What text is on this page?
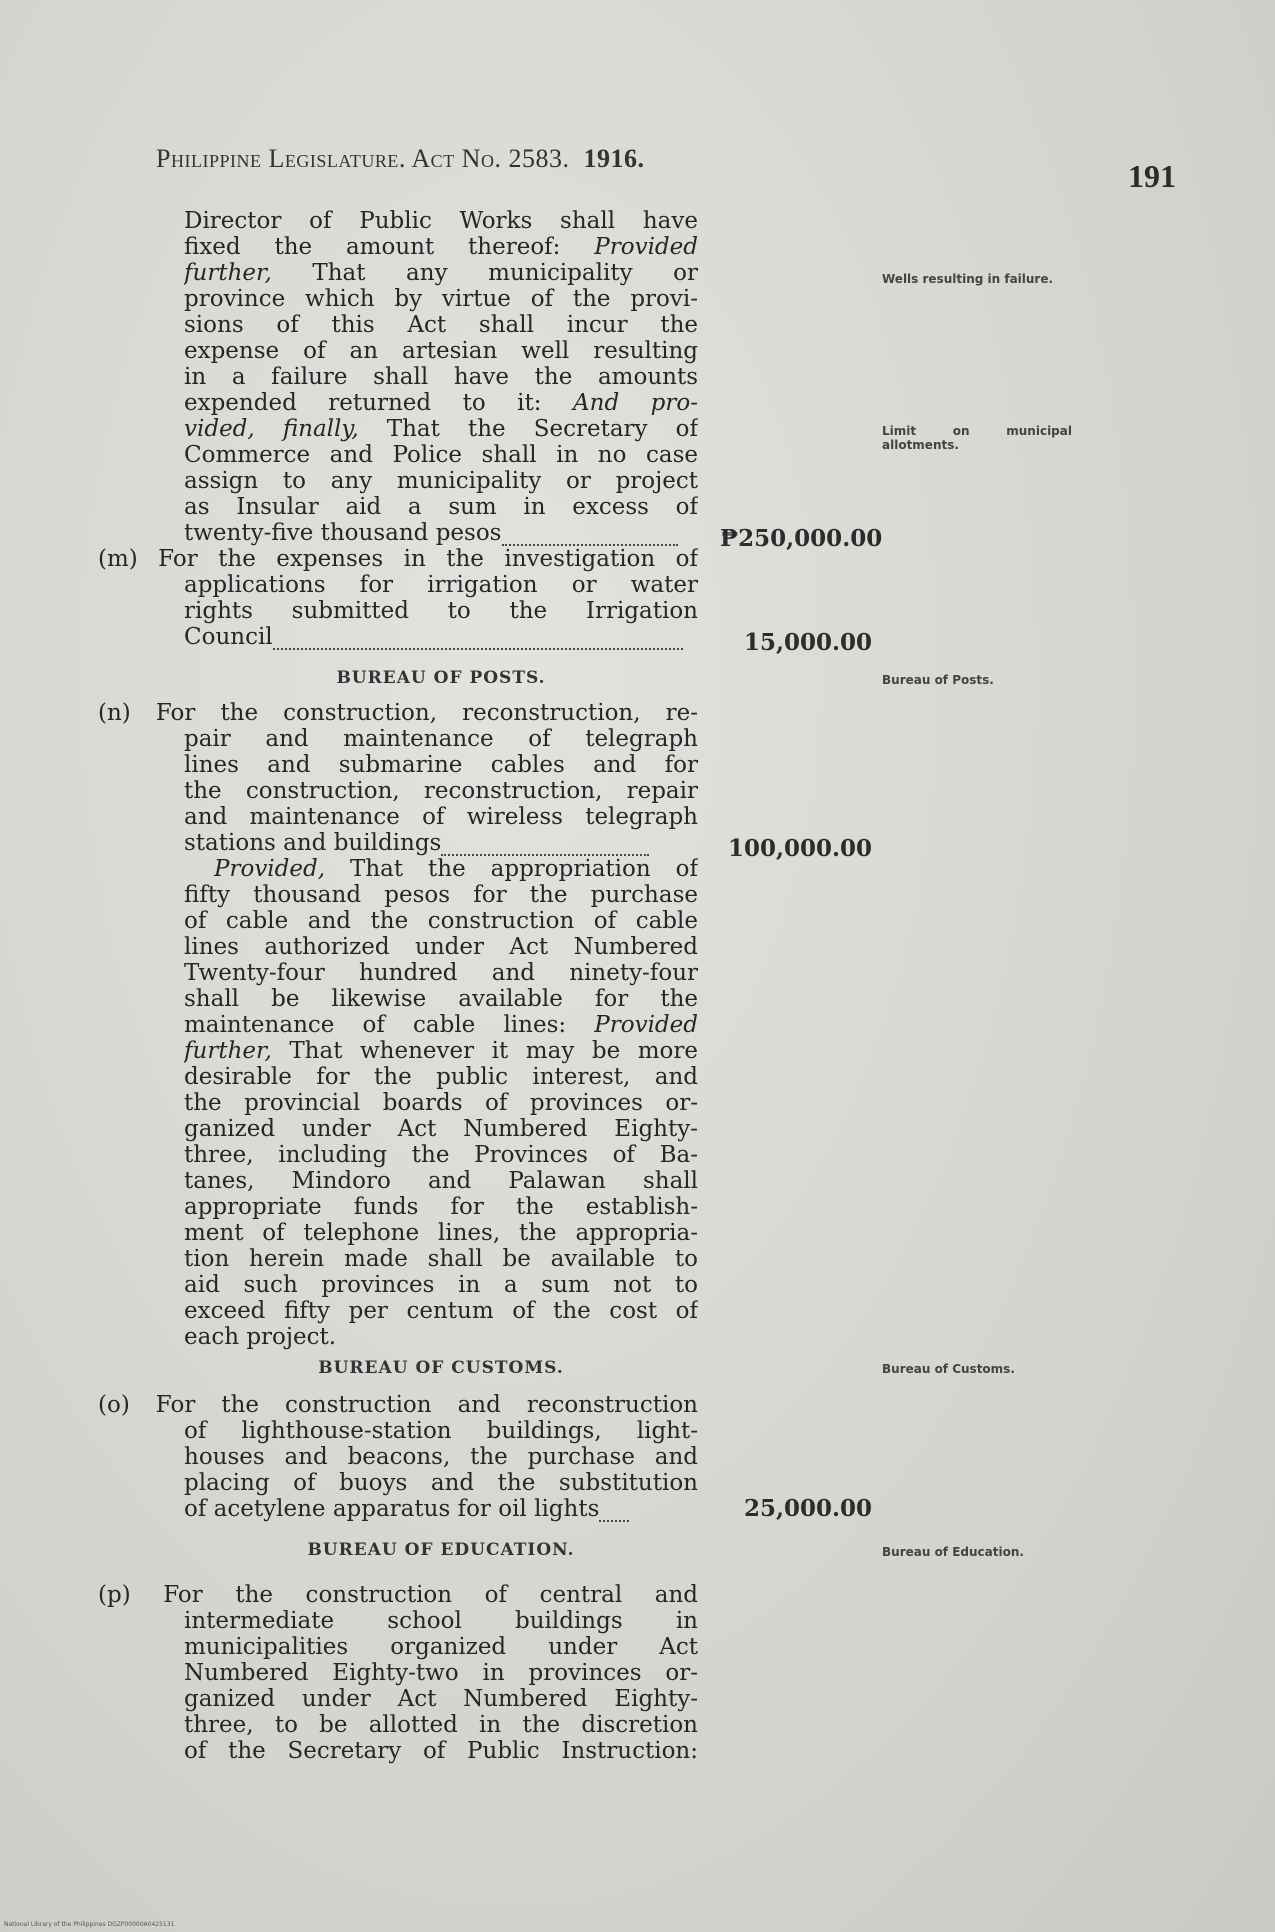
Philippine Legislature. Act No. 2583. 1916.	191
Director of Public Works shall have
fixed the amount thereof: Provided
further, That any municipality or
province which by virtue of the provi-
sions of this Act shall incur the
expense of an artesian well resulting
in a failure shall have the amounts
expended returned to it: And pro-
vided, finally, That the Secretary of
Commerce and Police shall in no case
assign to any municipality or project
as Insular aid a sum in excess of
twenty-five thousand pesos	₱250,000.00
(m) For the expenses in the investigation of
applications for irrigation or water
rights submitted to the Irrigation
Council	15,000.00
BUREAU OF POSTS.
(n) For the construction, reconstruction, re-
pair and maintenance of telegraph
lines and submarine cables and for
the construction, reconstruction, repair
and maintenance of wireless telegraph
stations and buildings	100,000.00
Provided, That the appropriation of
fifty thousand pesos for the purchase
of cable and the construction of cable
lines authorized under Act Numbered
Twenty-four hundred and ninety-four
shall be likewise available for the
maintenance of cable lines: Provided
further, That whenever it may be more
desirable for the public interest, and
the provincial boards of provinces or-
ganized under Act Numbered Eighty-
three, including the Provinces of Ba-
tanes, Mindoro and Palawan shall
appropriate funds for the establish-
ment of telephone lines, the appropria-
tion herein made shall be available to
aid such provinces in a sum not to
exceed fifty per centum of the cost of
each project.
BUREAU OF CUSTOMS.
(o) For the construction and reconstruction
of lighthouse-station buildings, light-
houses and beacons, the purchase and
placing of buoys and the substitution
of acetylene apparatus for oil lights	25,000.00
BUREAU OF EDUCATION.
(p) For the construction of central and
intermediate school buildings in
municipalities organized under Act
Numbered Eighty-two in provinces or-
ganized under Act Numbered Eighty-
three, to be allotted in the discretion
of the Secretary of Public Instruction:
Wells resulting in failure.
Limit on municipal allotments.
Bureau of Posts.
Bureau of Customs.
Bureau of Education.
National Library of the Philippines DGZP00000A0425131
